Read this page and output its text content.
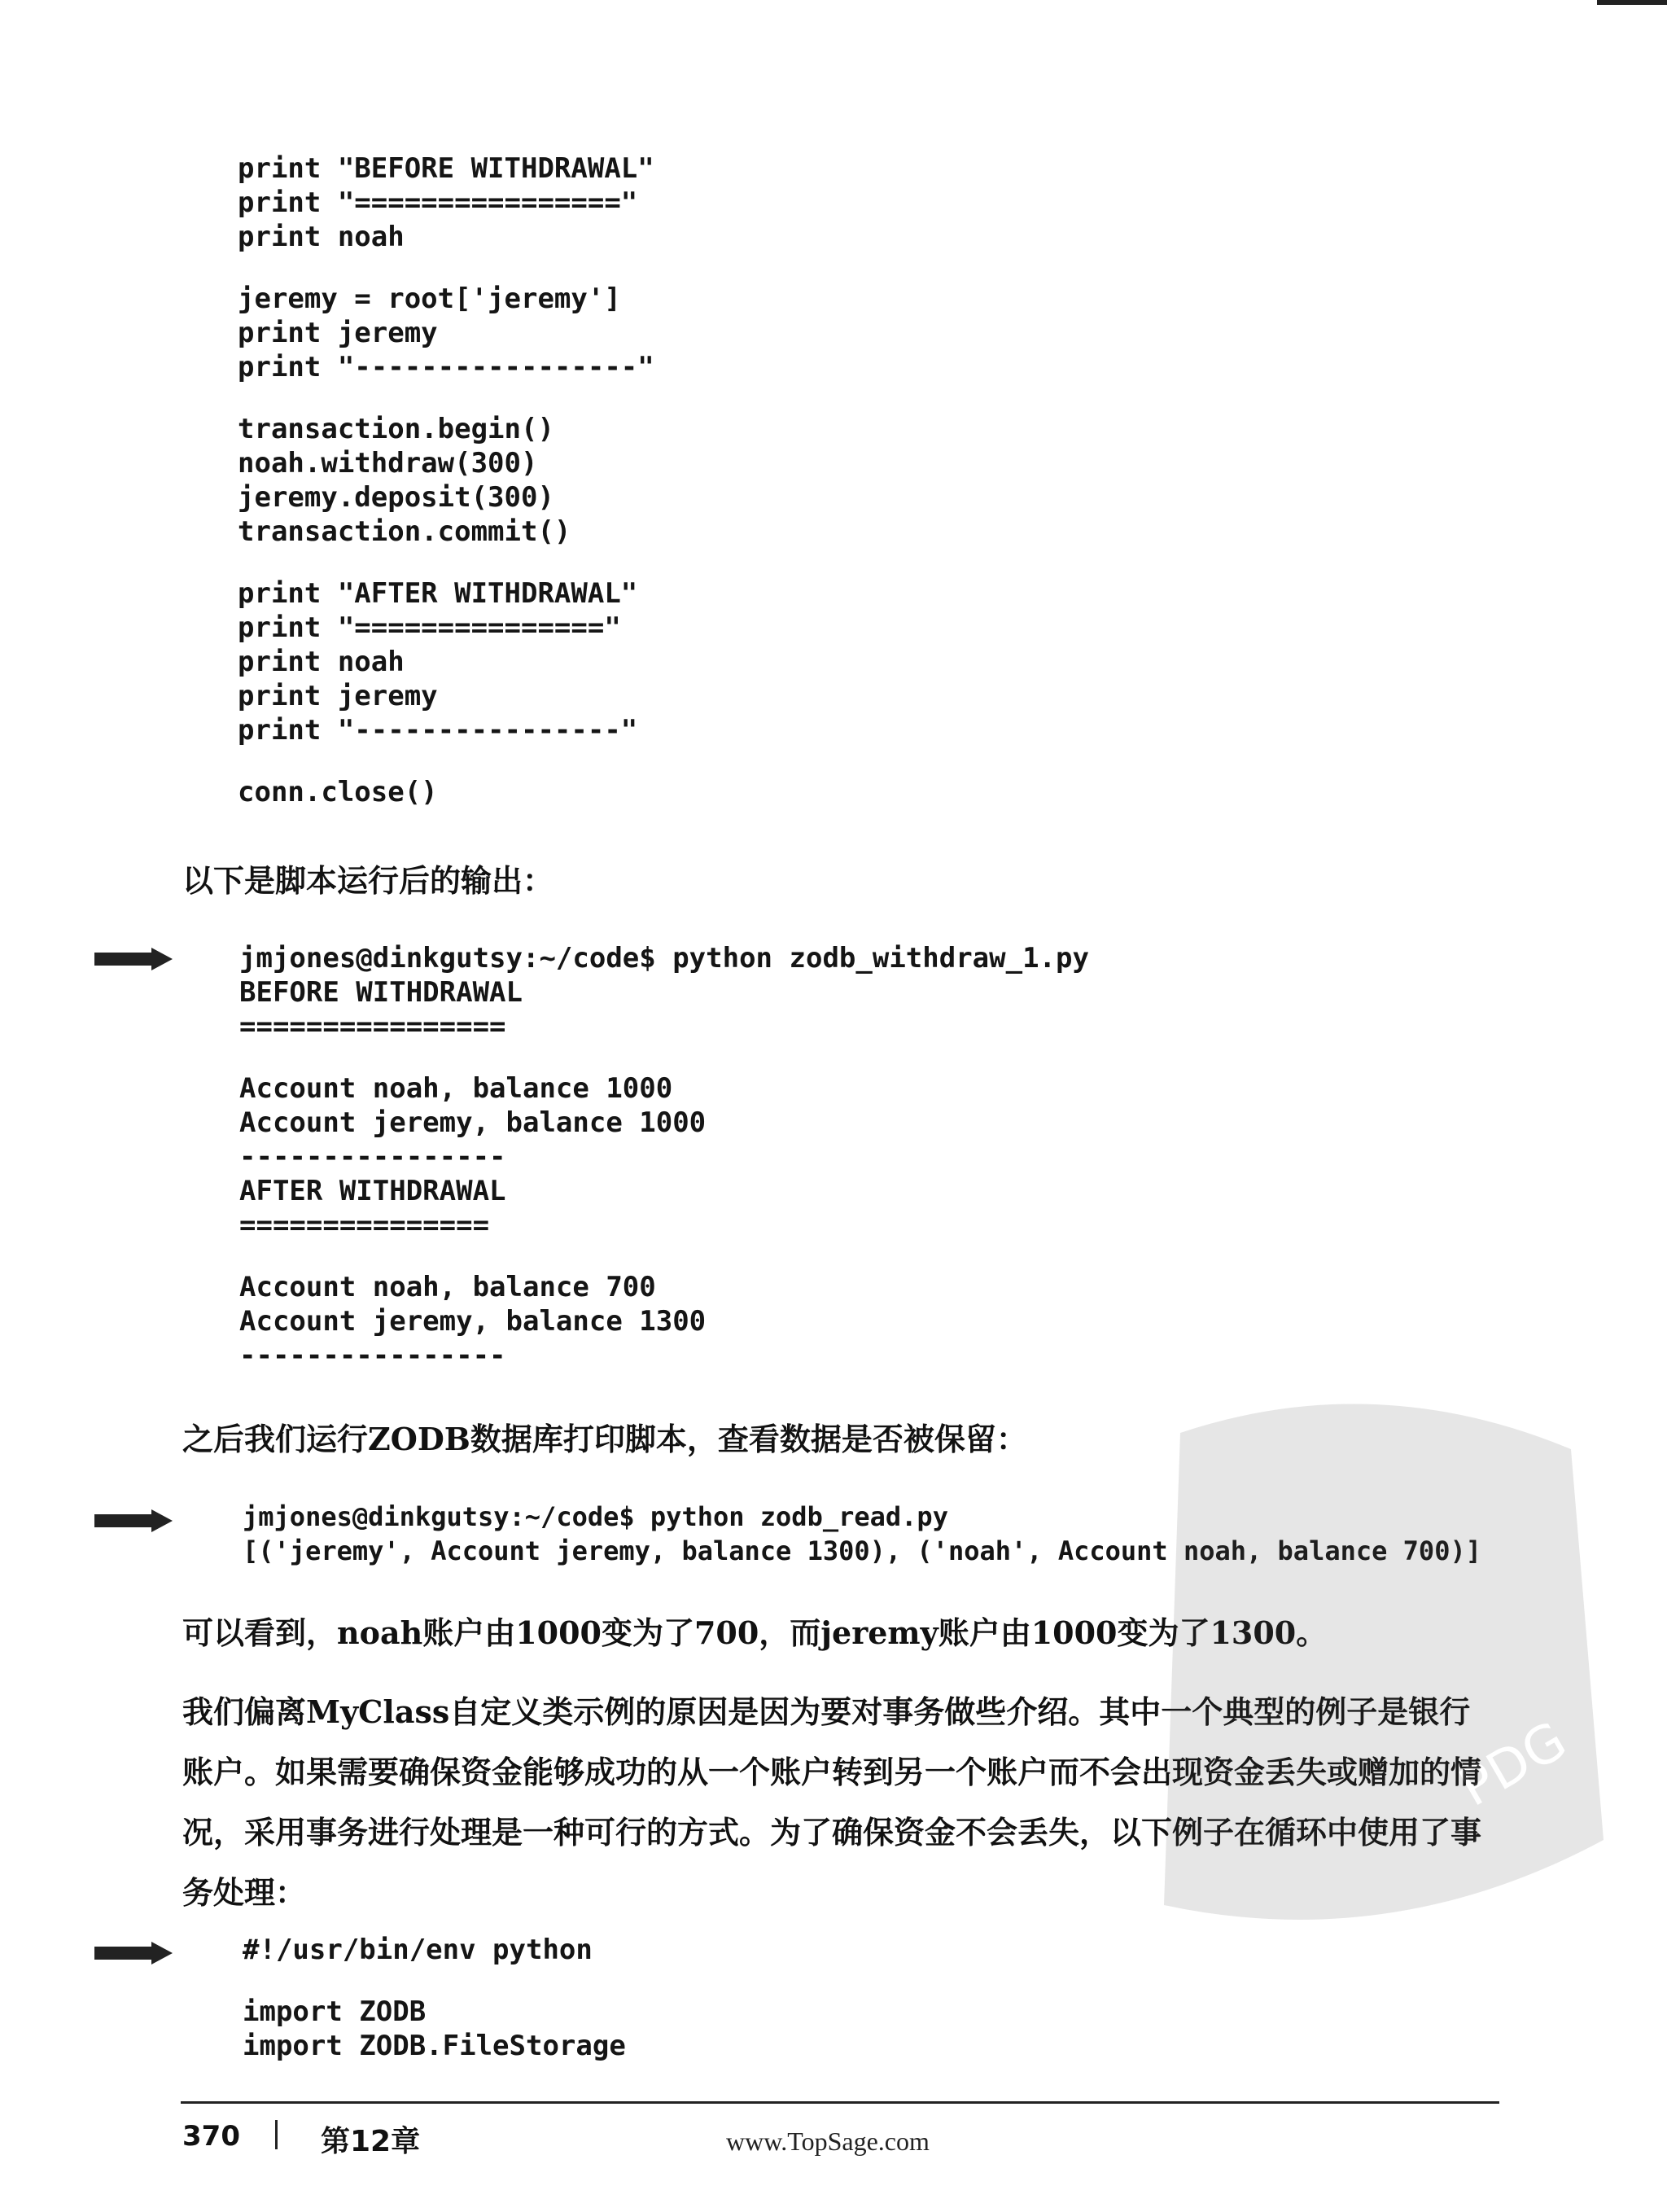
print "BEFORE WITHDRAWAL"
print "================"
print noah
jeremy = root['jeremy']
print jeremy
print "-----------------"
transaction.begin()
noah.withdraw(300)
jeremy.deposit(300)
transaction.commit()
print "AFTER WITHDRAWAL"
print "==============="
print noah
print jeremy
print "----------------"
conn.close()

以下是脚本运行后的输出：

jmjones@dinkgutsy:~/code$ python zodb_withdraw_1.py
BEFORE WITHDRAWAL
================
Account noah, balance 1000
Account jeremy, balance 1000
----------------
AFTER WITHDRAWAL
===============
Account noah, balance 700
Account jeremy, balance 1300
----------------

之后我们运行ZODB数据库打印脚本，查看数据是否被保留：

jmjones@dinkgutsy:~/code$ python zodb_read.py
[('jeremy', Account jeremy, balance 1300), ('noah', Account noah, balance 700)]

可以看到，noah账户由1000变为了700，而jeremy账户由1000变为了1300。

我们偏离MyClass自定义类示例的原因是因为要对事务做些介绍。其中一个典型的例子是银行账户。如果需要确保资金能够成功的从一个账户转到另一个账户而不会出现资金丢失或赠加的情况，采用事务进行处理是一种可行的方式。为了确保资金不会丢失，以下例子在循环中使用了事务处理：

#!/usr/bin/env python
import ZODB
import ZODB.FileStorage
PDG
370	第12章	www.TopSage.com
